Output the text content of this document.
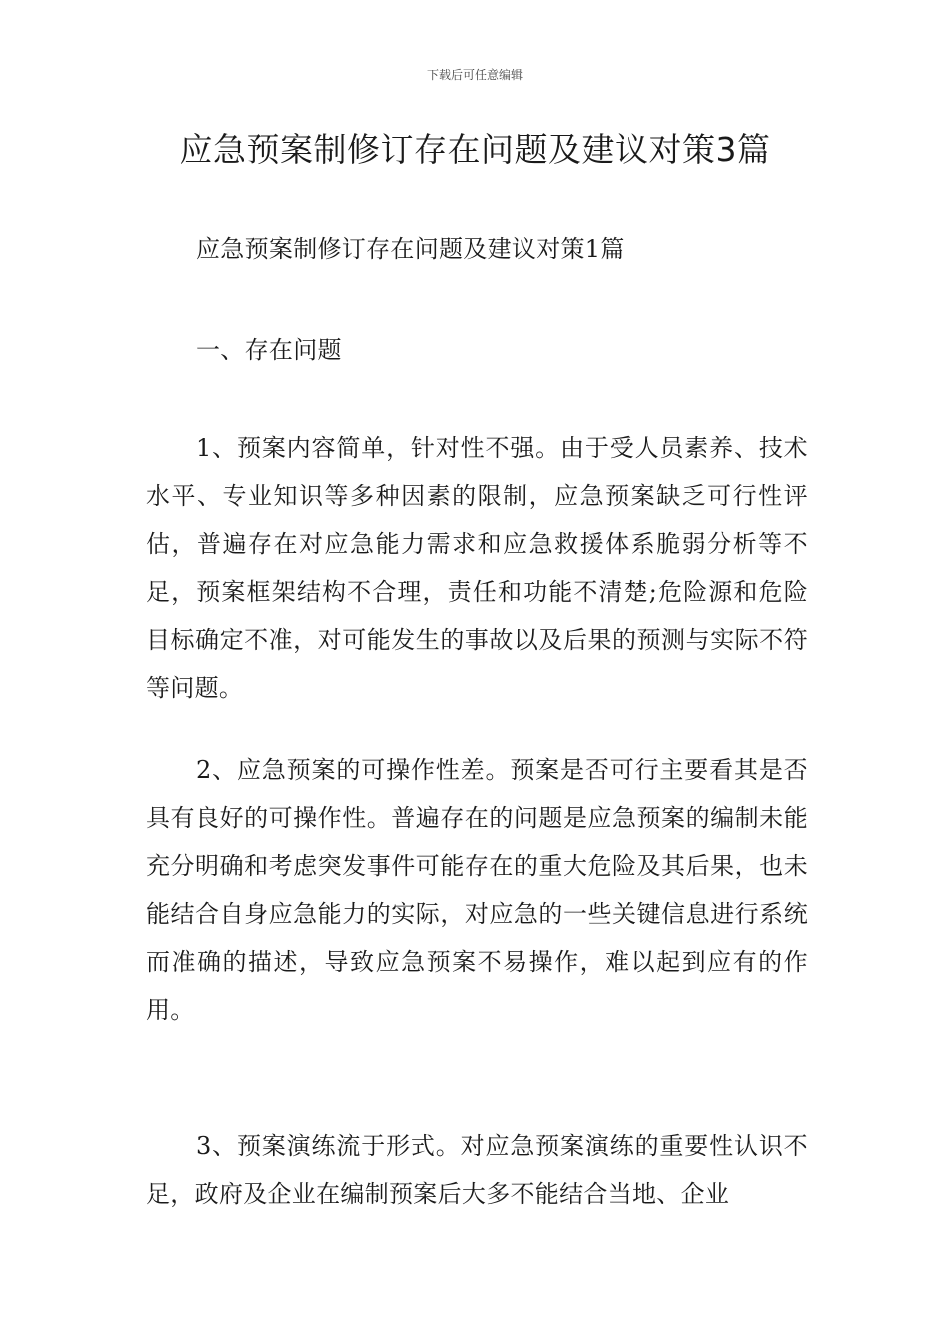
下载后可任意编辑
应急预案制修订存在问题及建议对策3篇

应急预案制修订存在问题及建议对策1篇

一、存在问题

1、预案内容简单，针对性不强。由于受人员素养、技术水平、专业知识等多种因素的限制，应急预案缺乏可行性评估，普遍存在对应急能力需求和应急救援体系脆弱分析等不足，预案框架结构不合理，责任和功能不清楚;危险源和危险目标确定不准，对可能发生的事故以及后果的预测与实际不符等问题。

2、应急预案的可操作性差。预案是否可行主要看其是否具有良好的可操作性。普遍存在的问题是应急预案的编制未能充分明确和考虑突发事件可能存在的重大危险及其后果，也未能结合自身应急能力的实际，对应急的一些关键信息进行系统而准确的描述，导致应急预案不易操作，难以起到应有的作用。

3、预案演练流于形式。对应急预案演练的重要性认识不足，政府及企业在编制预案后大多不能结合当地、企业
